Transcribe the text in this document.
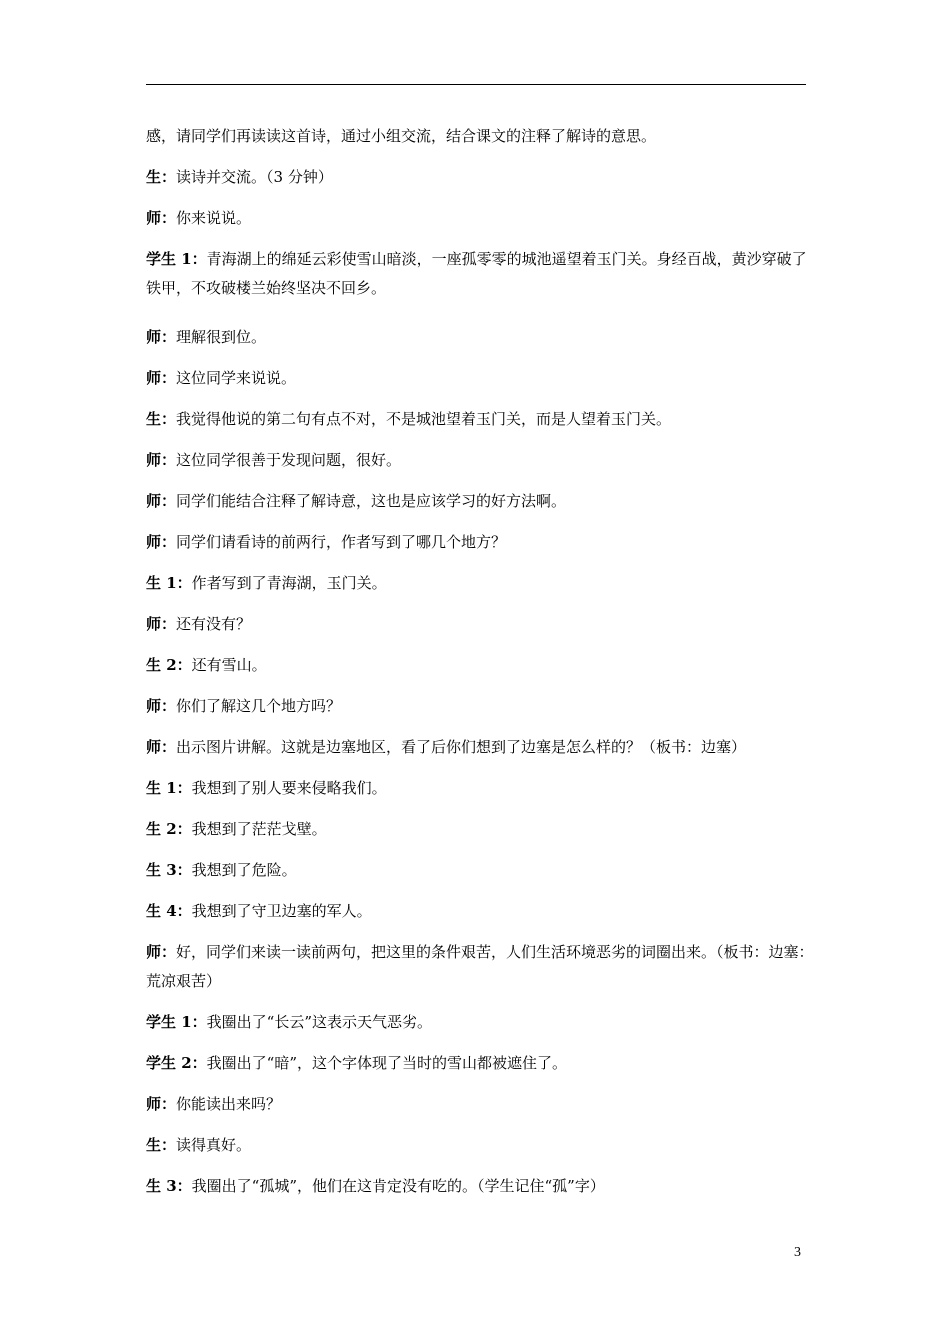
感，请同学们再读读这首诗，通过小组交流，结合课文的注释了解诗的意思。

生：读诗并交流。（3 分钟）

师：你来说说。

学生 1：青海湖上的绵延云彩使雪山暗淡，一座孤零零的城池遥望着玉门关。身经百战，黄沙穿破了铁甲，不攻破楼兰始终坚决不回乡。

师：理解很到位。

师：这位同学来说说。

生：我觉得他说的第二句有点不对，不是城池望着玉门关，而是人望着玉门关。

师：这位同学很善于发现问题，很好。

师：同学们能结合注释了解诗意，这也是应该学习的好方法啊。

师：同学们请看诗的前两行，作者写到了哪几个地方？

生 1：作者写到了青海湖，玉门关。

师：还有没有？

生 2：还有雪山。

师：你们了解这几个地方吗？

师：出示图片讲解。这就是边塞地区，看了后你们想到了边塞是怎么样的？（板书：边塞）

生 1：我想到了别人要来侵略我们。

生 2：我想到了茫茫戈壁。

生 3：我想到了危险。

生 4：我想到了守卫边塞的军人。

师：好，同学们来读一读前两句，把这里的条件艰苦，人们生活环境恶劣的词圈出来。（板书：边塞：荒凉艰苦）

学生 1：我圈出了“长云”这表示天气恶劣。

学生 2：我圈出了“暗”，这个字体现了当时的雪山都被遮住了。

师：你能读出来吗？

生：读得真好。

生 3：我圈出了“孤城”，他们在这肯定没有吃的。（学生记住“孤”字）

3
